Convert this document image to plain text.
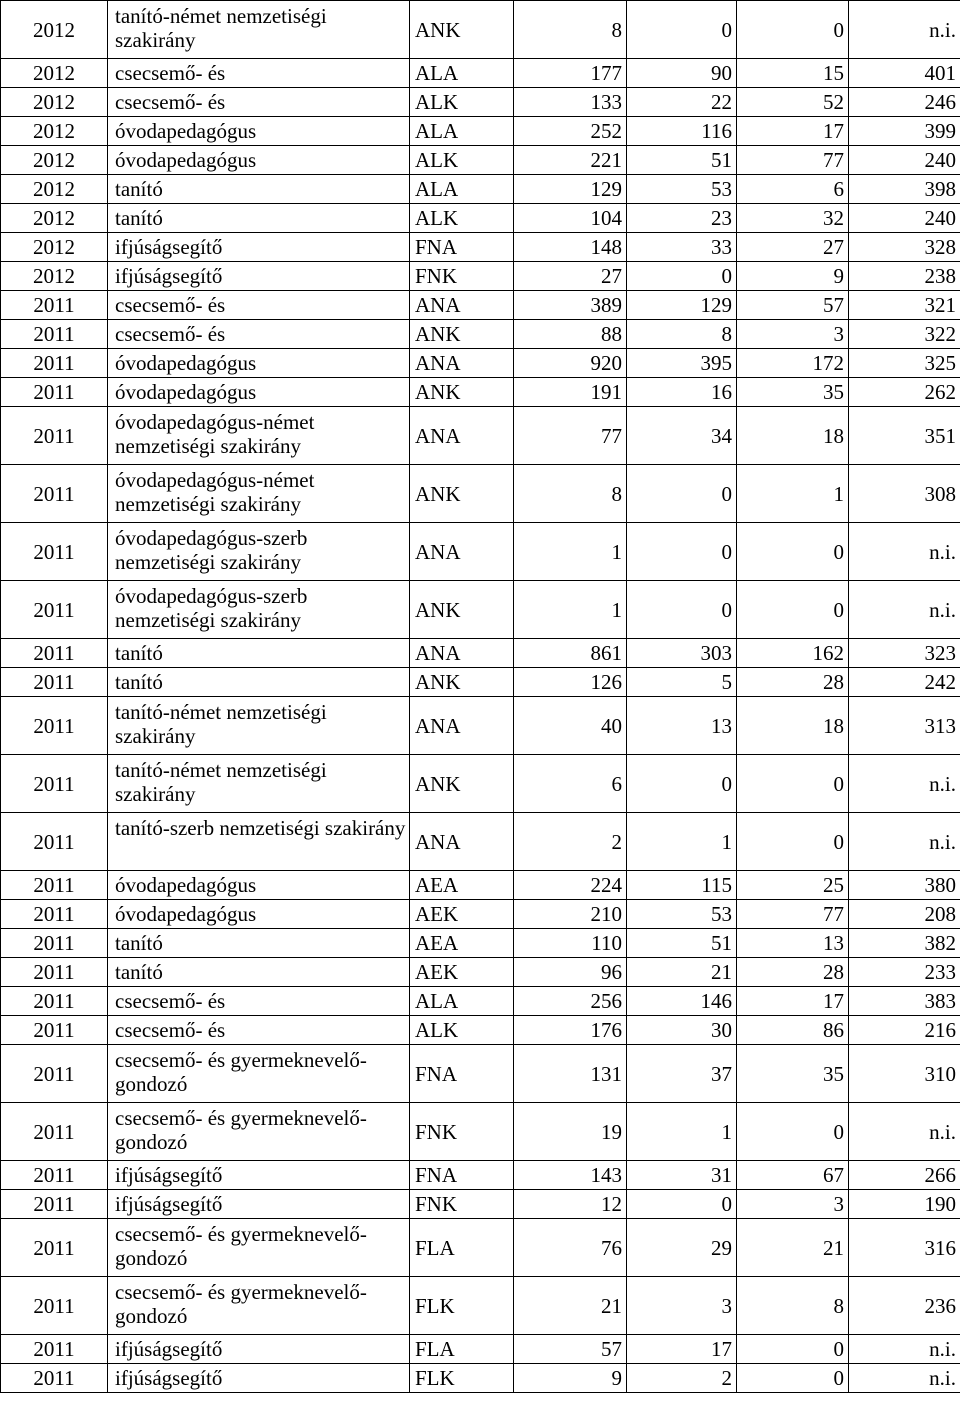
2012	tanító-német nemzetiségi szakirány	ANK	8	0	0	n.i.
2012	csecsemő- és	ALA	177	90	15	401
2012	csecsemő- és	ALK	133	22	52	246
2012	óvodapedagógus	ALA	252	116	17	399
2012	óvodapedagógus	ALK	221	51	77	240
2012	tanító	ALA	129	53	6	398
2012	tanító	ALK	104	23	32	240
2012	ifjúságsegítő	FNA	148	33	27	328
2012	ifjúságsegítő	FNK	27	0	9	238
2011	csecsemő- és	ANA	389	129	57	321
2011	csecsemő- és	ANK	88	8	3	322
2011	óvodapedagógus	ANA	920	395	172	325
2011	óvodapedagógus	ANK	191	16	35	262
2011	óvodapedagógus-német nemzetiségi szakirány	ANA	77	34	18	351
2011	óvodapedagógus-német nemzetiségi szakirány	ANK	8	0	1	308
2011	óvodapedagógus-szerb nemzetiségi szakirány	ANA	1	0	0	n.i.
2011	óvodapedagógus-szerb nemzetiségi szakirány	ANK	1	0	0	n.i.
2011	tanító	ANA	861	303	162	323
2011	tanító	ANK	126	5	28	242
2011	tanító-német nemzetiségi szakirány	ANA	40	13	18	313
2011	tanító-német nemzetiségi szakirány	ANK	6	0	0	n.i.
2011	tanító-szerb nemzetiségi szakirány	ANA	2	1	0	n.i.
2011	óvodapedagógus	AEA	224	115	25	380
2011	óvodapedagógus	AEK	210	53	77	208
2011	tanító	AEA	110	51	13	382
2011	tanító	AEK	96	21	28	233
2011	csecsemő- és	ALA	256	146	17	383
2011	csecsemő- és	ALK	176	30	86	216
2011	csecsemő- és gyermeknevelő- gondozó	FNA	131	37	35	310
2011	csecsemő- és gyermeknevelő- gondozó	FNK	19	1	0	n.i.
2011	ifjúságsegítő	FNA	143	31	67	266
2011	ifjúságsegítő	FNK	12	0	3	190
2011	csecsemő- és gyermeknevelő- gondozó	FLA	76	29	21	316
2011	csecsemő- és gyermeknevelő- gondozó	FLK	21	3	8	236
2011	ifjúságsegítő	FLA	57	17	0	n.i.
2011	ifjúságsegítő	FLK	9	2	0	n.i.
